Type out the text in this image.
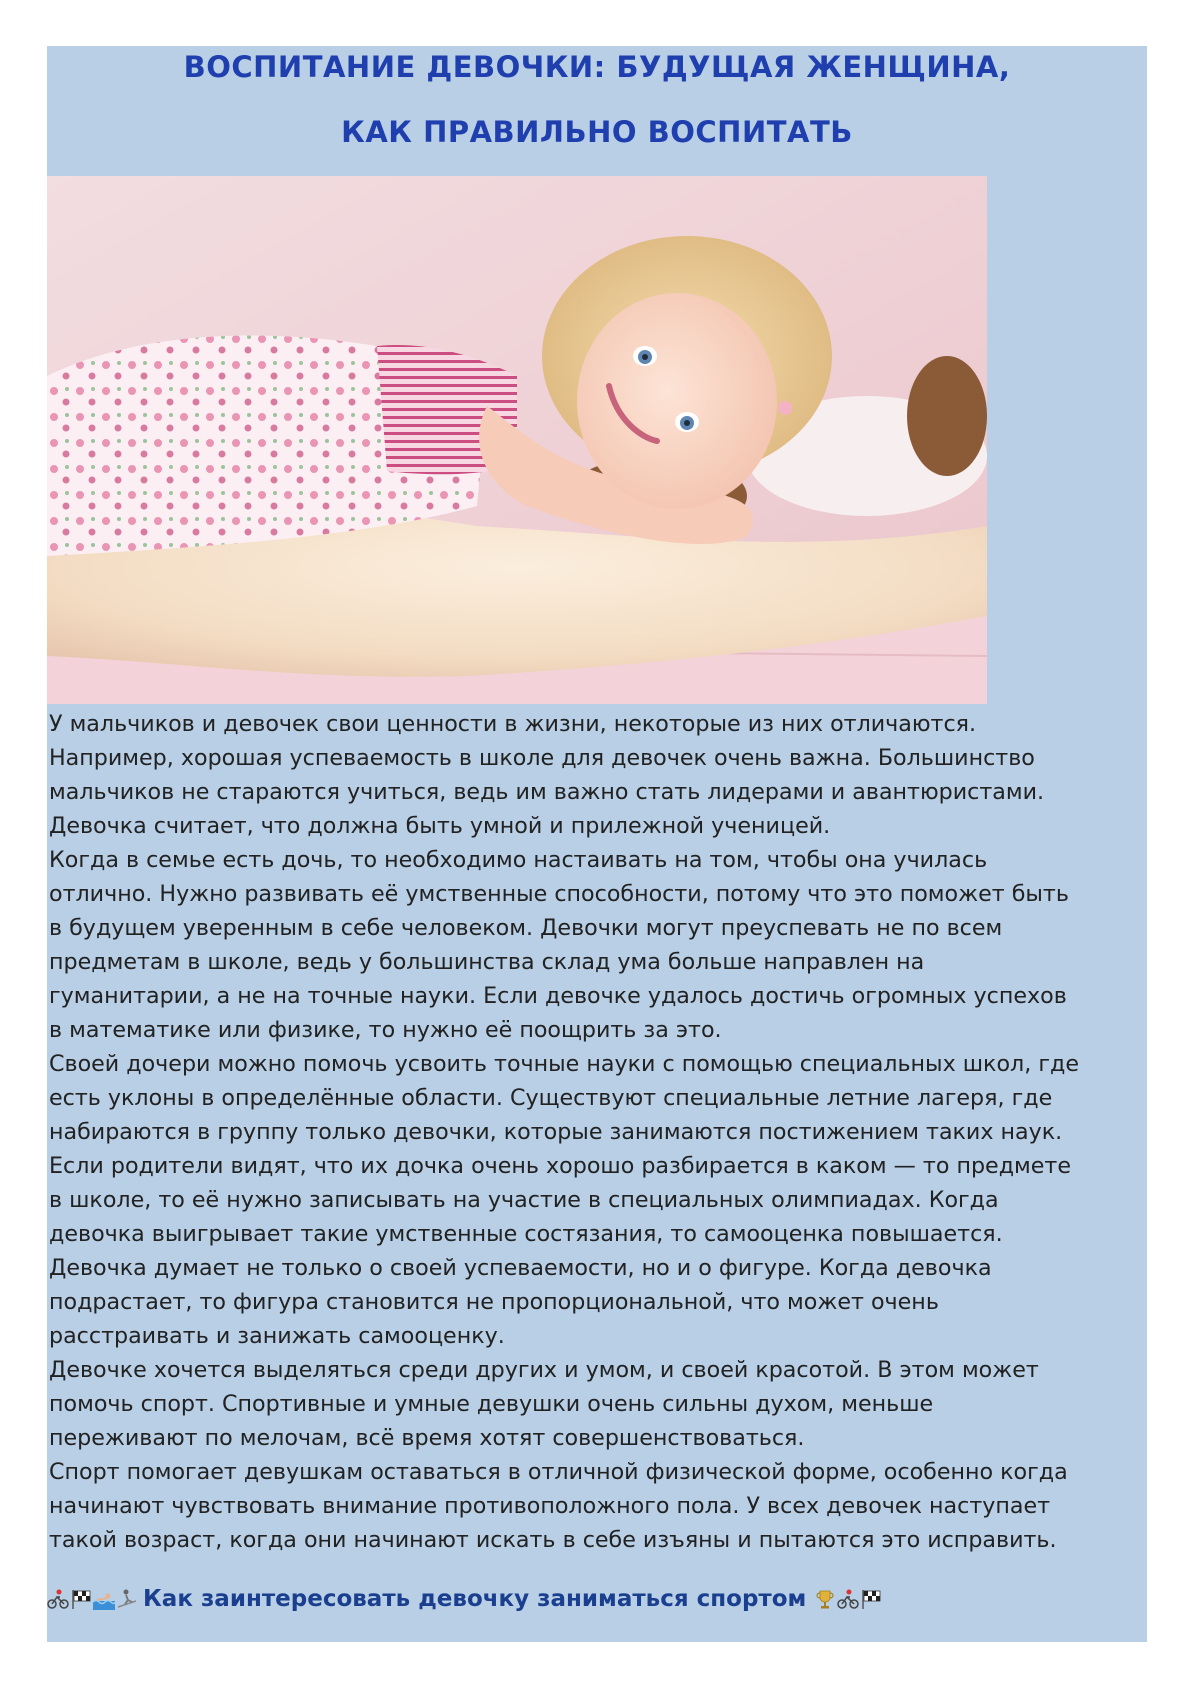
ВОСПИТАНИЕ ДЕВОЧКИ: БУДУЩАЯ ЖЕНЩИНА,
КАК ПРАВИЛЬНО ВОСПИТАТЬ
У мальчиков и девочек свои ценности в жизни, некоторые из них отличаются.
Например, хорошая успеваемость в школе для девочек очень важна. Большинство
мальчиков не стараются учиться, ведь им важно стать лидерами и авантюристами.
Девочка считает, что должна быть умной и прилежной ученицей.
Когда в семье есть дочь, то необходимо настаивать на том, чтобы она училась
отлично. Нужно развивать её умственные способности, потому что это поможет быть
в будущем уверенным в себе человеком. Девочки могут преуспевать не по всем
предметам в школе, ведь у большинства склад ума больше направлен на
гуманитарии, а не на точные науки. Если девочке удалось достичь огромных успехов
в математике или физике, то нужно её поощрить за это.
Своей дочери можно помочь усвоить точные науки с помощью специальных школ, где
есть уклоны в определённые области. Существуют специальные летние лагеря, где
набираются в группу только девочки, которые занимаются постижением таких наук.
Если родители видят, что их дочка очень хорошо разбирается в каком — то предмете
в школе, то её нужно записывать на участие в специальных олимпиадах. Когда
девочка выигрывает такие умственные состязания, то самооценка повышается.
Девочка думает не только о своей успеваемости, но и о фигуре. Когда девочка
подрастает, то фигура становится не пропорциональной, что может очень
расстраивать и занижать самооценку.
Девочке хочется выделяться среди других и умом, и своей красотой. В этом может
помочь спорт. Спортивные и умные девушки очень сильны духом, меньше
переживают по мелочам, всё время хотят совершенствоваться.
Спорт помогает девушкам оставаться в отличной физической форме, особенно когда
начинают чувствовать внимание противоположного пола. У всех девочек наступает
такой возраст, когда они начинают искать в себе изъяны и пытаются это исправить.
Как заинтересовать девочку заниматься спортом
